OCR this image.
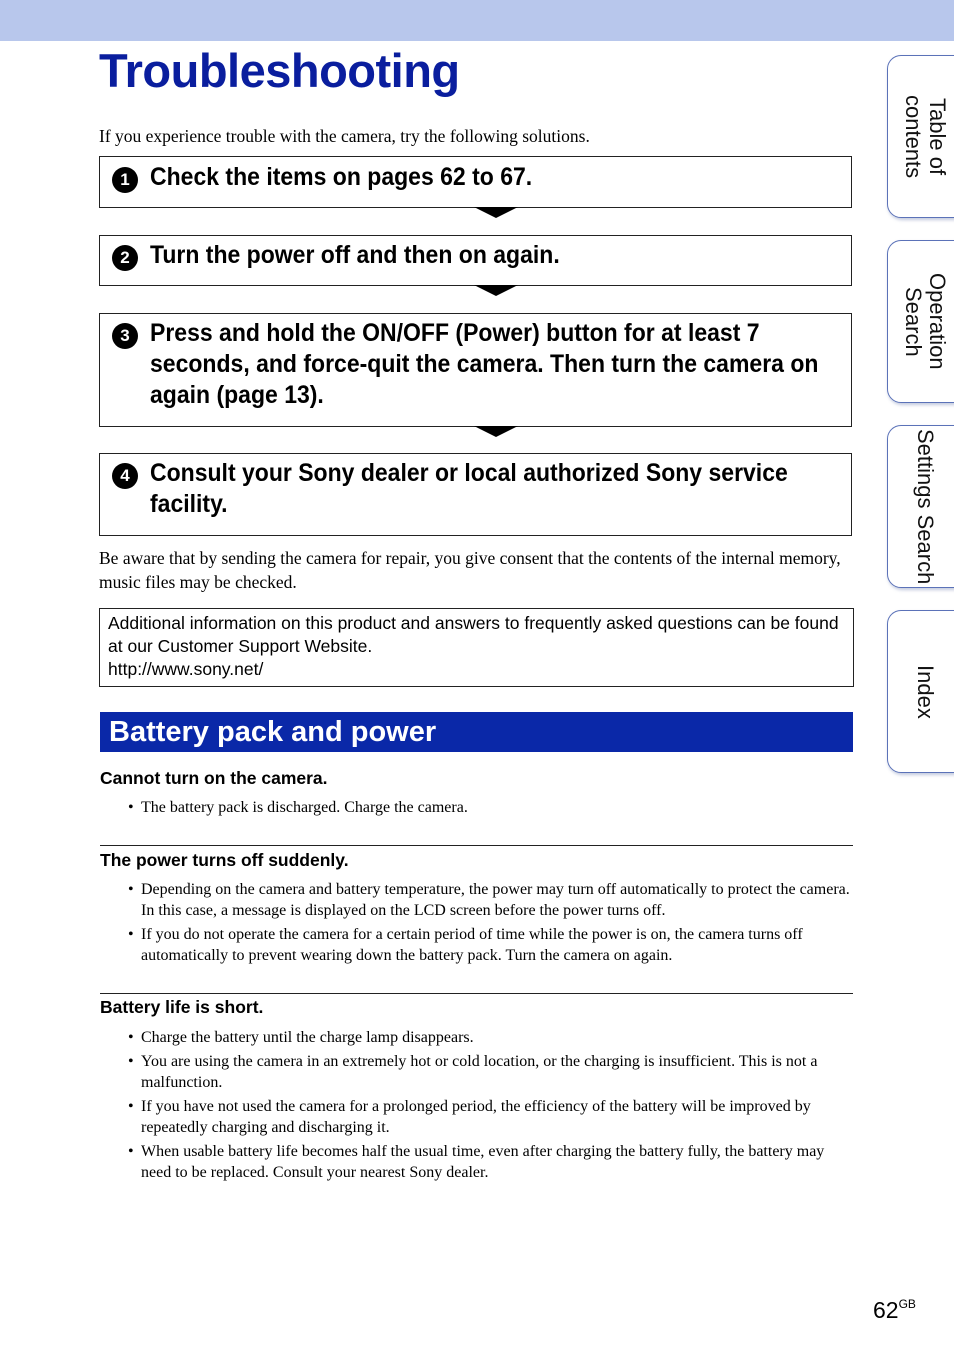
Troubleshooting
If you experience trouble with the camera, try the following solutions.
1 Check the items on pages 62 to 67.
2 Turn the power off and then on again.
3 Press and hold the ON/OFF (Power) button for at least 7 seconds, and force-quit the camera. Then turn the camera on again (page 13).
4 Consult your Sony dealer or local authorized Sony service facility.
Be aware that by sending the camera for repair, you give consent that the contents of the internal memory, music files may be checked.
Additional information on this product and answers to frequently asked questions can be found at our Customer Support Website.
http://www.sony.net/
Battery pack and power
Cannot turn on the camera.
• The battery pack is discharged. Charge the camera.
The power turns off suddenly.
• Depending on the camera and battery temperature, the power may turn off automatically to protect the camera. In this case, a message is displayed on the LCD screen before the power turns off.
• If you do not operate the camera for a certain period of time while the power is on, the camera turns off automatically to prevent wearing down the battery pack. Turn the camera on again.
Battery life is short.
• Charge the battery until the charge lamp disappears.
• You are using the camera in an extremely hot or cold location, or the charging is insufficient. This is not a malfunction.
• If you have not used the camera for a prolonged period, the efficiency of the battery will be improved by repeatedly charging and discharging it.
• When usable battery life becomes half the usual time, even after charging the battery fully, the battery may need to be replaced. Consult your nearest Sony dealer.
Table of contents
Operation Search
Settings Search
Index
$62^{GB}$
